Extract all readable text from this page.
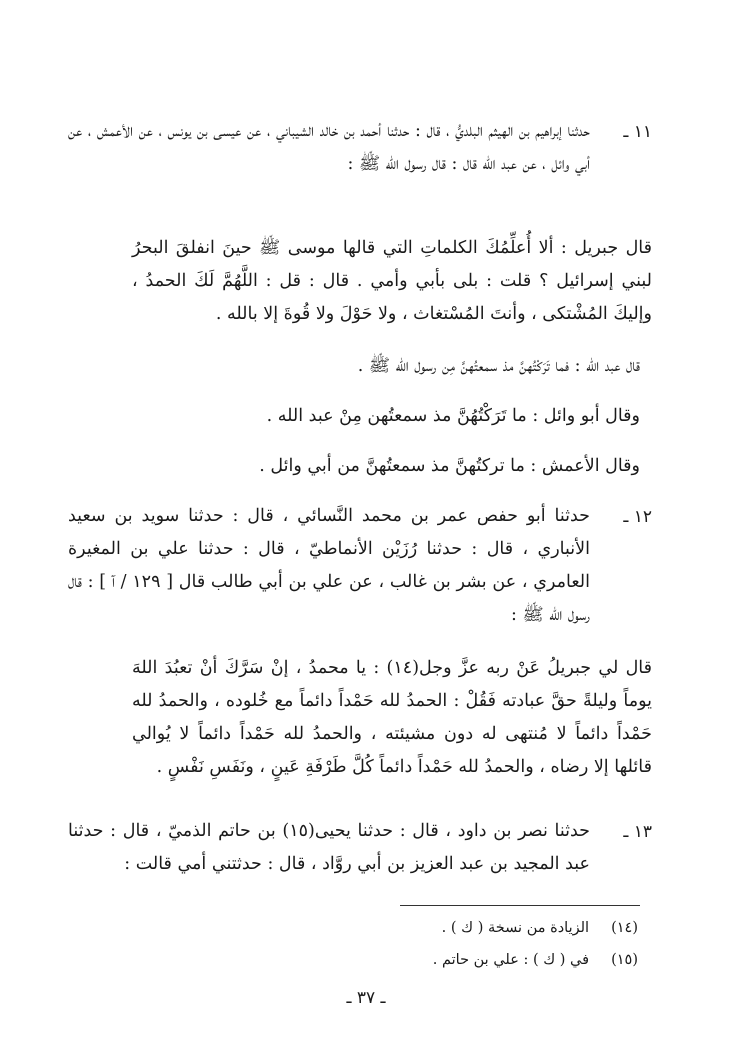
١١ ـ

حدثنا إبراهيم بن الهيثم البلديُّ ، قال : حدثنا أحمد بن خالد الشيباني ، عن عيسى بن يونس ، عن الأعمش ، عن أبي وائل ، عن عبد الله قال : قال رسول الله ﷺ :

قال جبريل : ألا أُعلِّمُكَ الكلماتِ التي قالها موسى ﷺ حينَ انفلقَ البحرُ لبني إسرائيل ؟ قلت : بلى بأبي وأمي . قال : قل : اللَّهُمَّ لَكَ الحمدُ ، وإليكَ المُشْتكى ، وأنتَ المُسْتغاث ، ولا حَوْلَ ولا قُوةَ إلا بالله .

قال عبد الله : فما تَرَكْتُهنَّ مذ سمعتُهنَّ مِن رسول الله ﷺ .
وقال أبو وائل : ما تَرَكْتُهُنَّ مذ سمعتُهن مِنْ عبد الله .
وقال الأعمش : ما تركتُهنَّ مذ سمعتُهنَّ من أبي وائل .
١٢ ـ

حدثنا أبو حفص عمر بن محمد النَّسائي ، قال : حدثنا سويد بن سعيد الأنباري ، قال : حدثنا رُزَيْن الأنماطيّ ، قال : حدثنا علي بن المغيرة العامري ، عن بشر بن غالب ، عن علي بن أبي طالب قال [ ١٢٩ / آ ] : قال رسول الله ﷺ :

قال لي جبريلُ عَنْ ربه عزَّ وجل(١٤) : يا محمدُ ، إنْ سَرَّكَ أنْ تعبُدَ اللهَ يوماً وليلةً حقَّ عبادته فَقُلْ : الحمدُ لله حَمْداً دائماً مع خُلوده ، والحمدُ لله حَمْداً دائماً لا مُنتهى له دون مشيئته ، والحمدُ لله حَمْداً دائماً لا يُوالي قائلها إلا رضاه ، والحمدُ لله حَمْداً دائماً كُلَّ طَرْفَةِ عَينٍ ، ونَفَسِ نَفْسٍ .

١٣ ـ

حدثنا نصر بن داود ، قال : حدثنا يحيى(١٥) بن حاتم الذميّ ، قال : حدثنا عبد المجيد بن عبد العزيز بن أبي روَّاد ، قال : حدثتني أمي قالت :

(١٤)الزيادة من نسخة ( ك ) .
(١٥)في ( ك ) : علي بن حاتم .
ـ ٣٧ ـ
